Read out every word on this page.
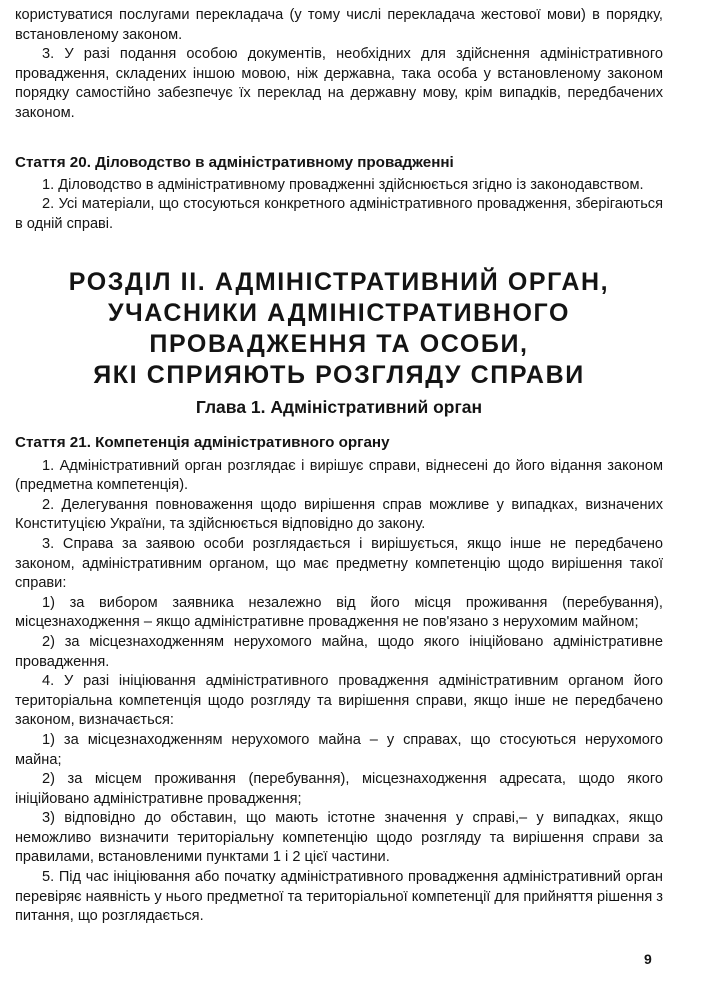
користуватися послугами перекладача (у тому числі перекладача жестової мови) в порядку, встановленому законом.

3. У разі подання особою документів, необхідних для здійснення адміністративного провадження, складених іншою мовою, ніж державна, така особа у встановленому законом порядку самостійно забезпечує їх переклад на державну мову, крім випадків, передбачених законом.

Стаття 20. Діловодство в адміністративному провадженні

1. Діловодство в адміністративному провадженні здійснюється згідно із законодавством.

2. Усі матеріали, що стосуються конкретного адміністративного провадження, зберігаються в одній справі.

РОЗДІЛ ІІ. АДМІНІСТРАТИВНИЙ ОРГАН,

УЧАСНИКИ АДМІНІСТРАТИВНОГО

ПРОВАДЖЕННЯ ТА ОСОБИ,

ЯКІ СПРИЯЮТЬ РОЗГЛЯДУ СПРАВИ

Глава 1. Адміністративний орган

Стаття 21. Компетенція адміністративного органу

1. Адміністративний орган розглядає і вирішує справи, віднесені до його відання законом (предметна компетенція).

2. Делегування повноваження щодо вирішення справ можливе у випадках, визначених Конституцією України, та здійснюється відповідно до закону.

3. Справа за заявою особи розглядається і вирішується, якщо інше не передбачено законом, адміністративним органом, що має предметну компетенцію щодо вирішення такої справи:

1) за вибором заявника незалежно від його місця проживання (перебування), місцезнаходження – якщо адміністративне провадження не пов'язано з нерухомим майном;

2) за місцезнаходженням нерухомого майна, щодо якого ініційовано адміністративне провадження.

4. У разі ініціювання адміністративного провадження адміністративним органом його територіальна компетенція щодо розгляду та вирішення справи, якщо інше не передбачено законом, визначається:

1) за місцезнаходженням нерухомого майна – у справах, що стосуються нерухомого майна;

2) за місцем проживання (перебування), місцезнаходження адресата, щодо якого ініційовано адміністративне провадження;

3) відповідно до обставин, що мають істотне значення у справі,– у випадках, якщо неможливо визначити територіальну компетенцію щодо розгляду та вирішення справи за правилами, встановленими пунктами 1 і 2 цієї частини.

5. Під час ініціювання або початку адміністративного провадження адміністративний орган перевіряє наявність у нього предметної та територіальної компетенції для прийняття рішення з питання, що розглядається.

9
